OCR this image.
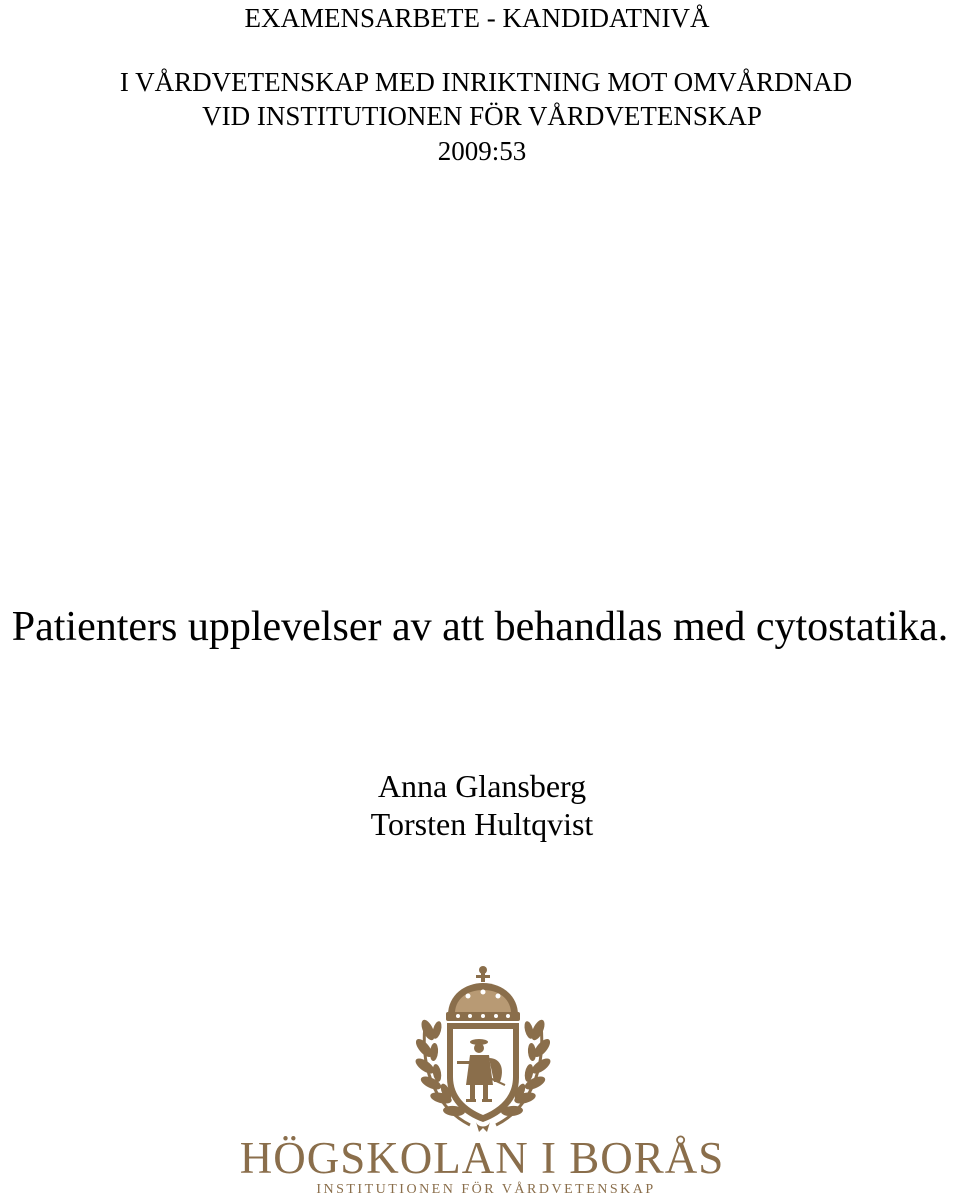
EXAMENSARBETE - KANDIDATNIVÅ
I VÅRDVETENSKAP MED INRIKTNING MOT OMVÅRDNAD
VID INSTITUTIONEN FÖR VÅRDVETENSKAP
2009:53
Patienters upplevelser av att behandlas med cytostatika.
Anna Glansberg
Torsten Hultqvist
HÖGSKOLAN I BORÅS
INSTITUTIONEN FÖR VÅRDVETENSKAP
